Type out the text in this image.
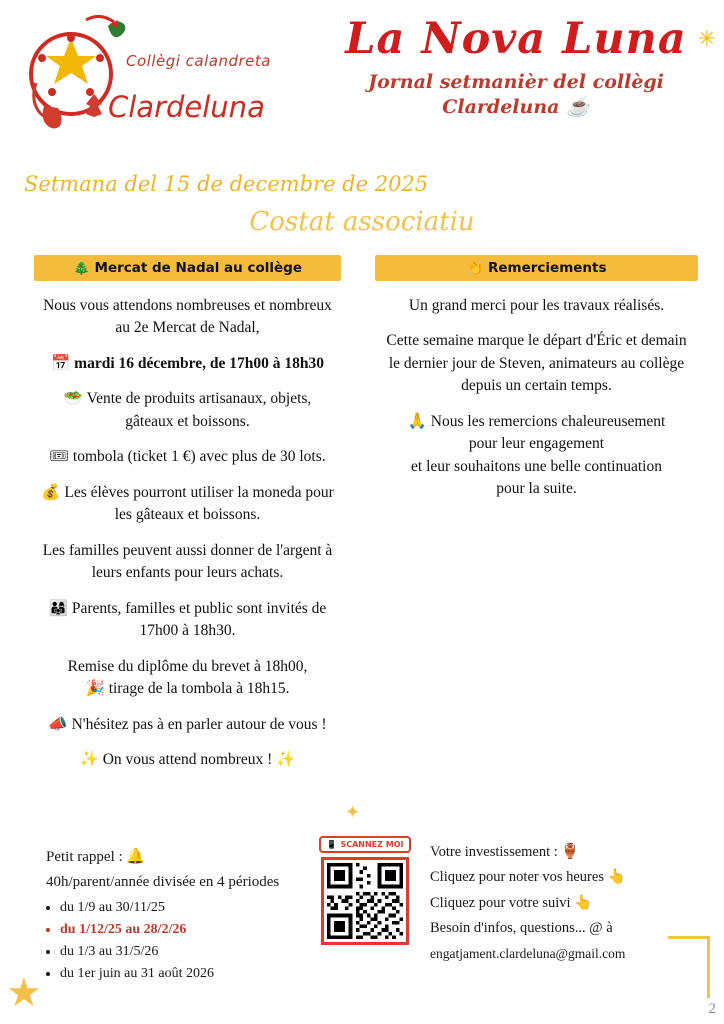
Collègi calandreta
Clardeluna
✳
La Nova Luna
Jornal setmanièr del collègi
Clardeluna ☕
Setmana del 15 de decembre de 2025
Costat associatiu
🎄 Mercat de Nadal au collège

Nous vous attendons nombreuses et nombreux
au 2e Mercat de Nadal,

📅 mardi 16 décembre, de 17h00 à 18h30

🥗 Vente de produits artisanaux, objets,
gâteaux et boissons.

🎟 tombola (ticket 1 €) avec plus de 30 lots.

💰 Les élèves pourront utiliser la moneda pour
les gâteaux et boissons.

Les familles peuvent aussi donner de l'argent à
leurs enfants pour leurs achats.

👨‍👩‍👧 Parents, familles et public sont invités de
17h00 à 18h30.

Remise du diplôme du brevet à 18h00,
🎉 tirage de la tombola à 18h15.

📣 N'hésitez pas à en parler autour de vous !

✨ On vous attend nombreux ! ✨

👏 Remerciements

Un grand merci pour les travaux réalisés.

Cette semaine marque le départ d'Éric et demain
le dernier jour de Steven, animateurs au collège
depuis un certain temps.

🙏 Nous les remercions chaleureusement
pour leur engagement
et leur souhaitons une belle continuation
pour la suite.

✦
Petit rappel : 🔔
40h/parent/année divisée en 4 périodes
• du 1/9 au 30/11/25
• du 1/12/25 au 28/2/26
• du 1/3 au 31/5/26
• du 1er juin au 31 août 2026
📱 SCANNEZ MOI Votre investissement : 🏺
Cliquez pour noter vos heures 👆
Cliquez pour votre suivi 👆
Besoin d'infos, questions... @ à
engatjament.clardeluna@gmail.com
★	2
